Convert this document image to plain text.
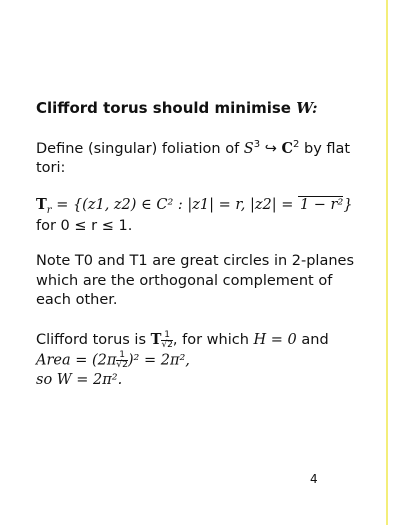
Clifford torus should minimise W:
Define (singular) foliation of $S^3$ ↪ $C^2$ by flat tori:
$T_r = \{(z1$, z2) ∈ C² : |z1| = r, |z2| = 1 − r²}
for 0 ≤ r ≤ 1.
Note T0 and T1 are great circles in 2-planes which are the orthogonal complement of each other.
Clifford torus is T $\frac{1}{√2}$ , for which H = 0 and
Area = $(2\pi \frac{1}{√2} )^2 = 2\pi^2$,
so W = 2π².
4
